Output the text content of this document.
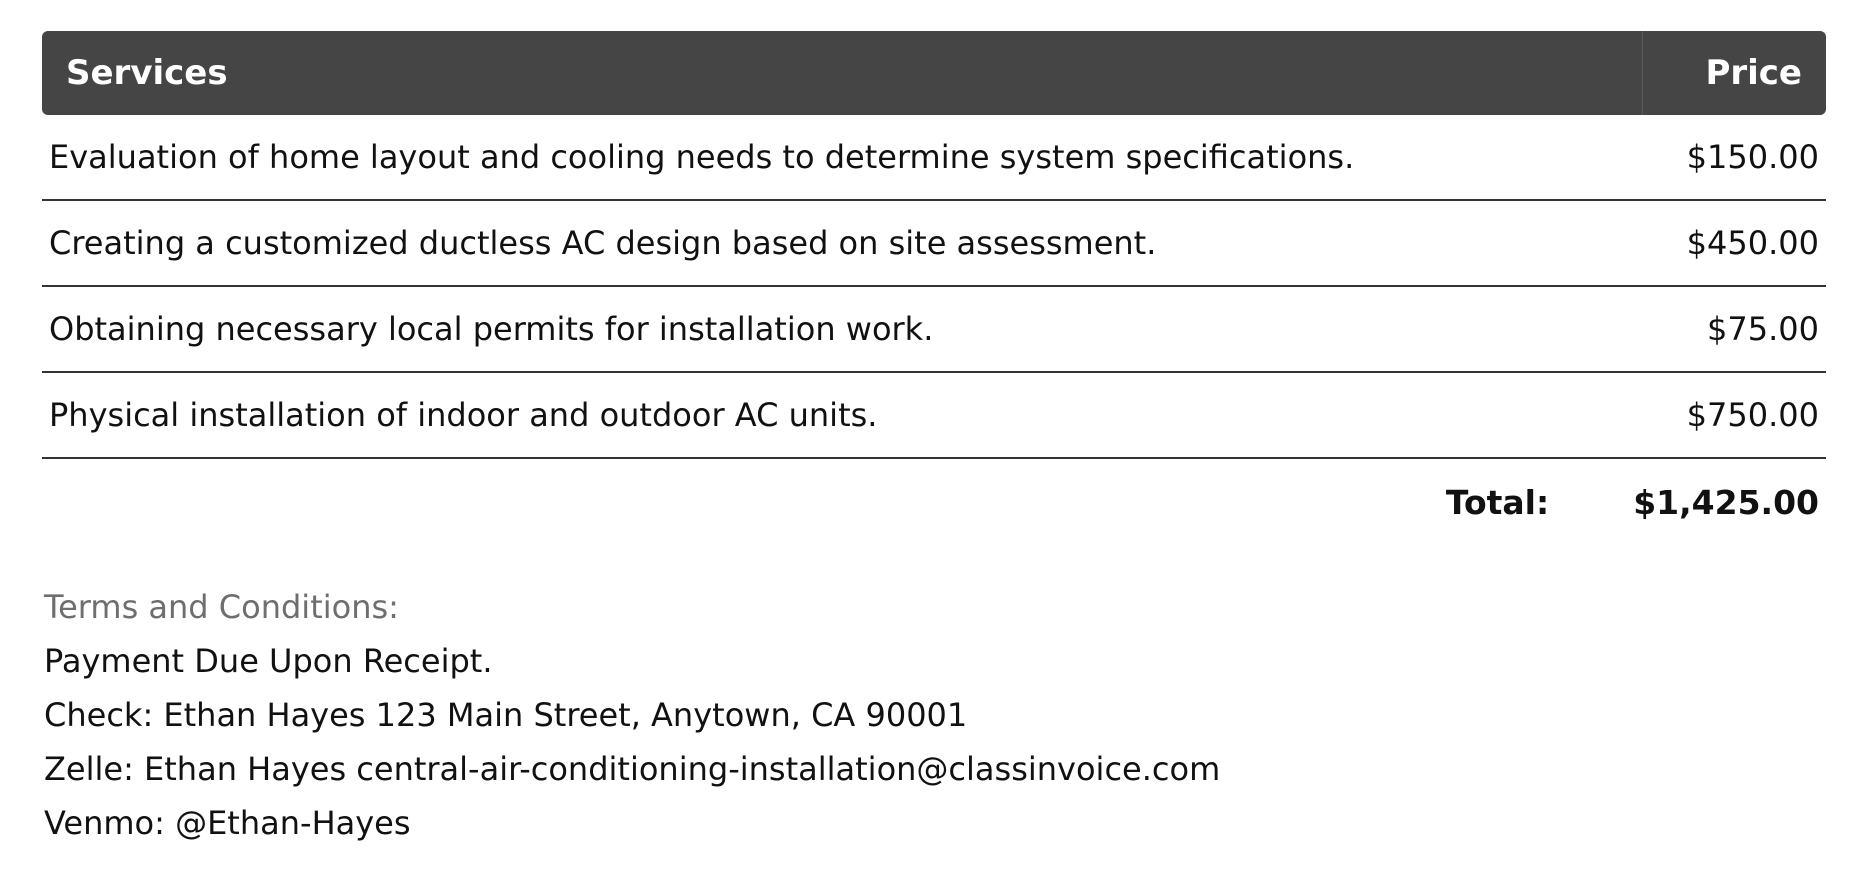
Services	Price
Evaluation of home layout and cooling needs to determine system specifications.	$150.00
Creating a customized ductless AC design based on site assessment.	$450.00
Obtaining necessary local permits for installation work.	$75.00
Physical installation of indoor and outdoor AC units.	$750.00
Total:	$1,425.00
Terms and Conditions:
Payment Due Upon Receipt.
Check: Ethan Hayes 123 Main Street, Anytown, CA 90001
Zelle: Ethan Hayes central-air-conditioning-installation@classinvoice.com
Venmo: @Ethan-Hayes
